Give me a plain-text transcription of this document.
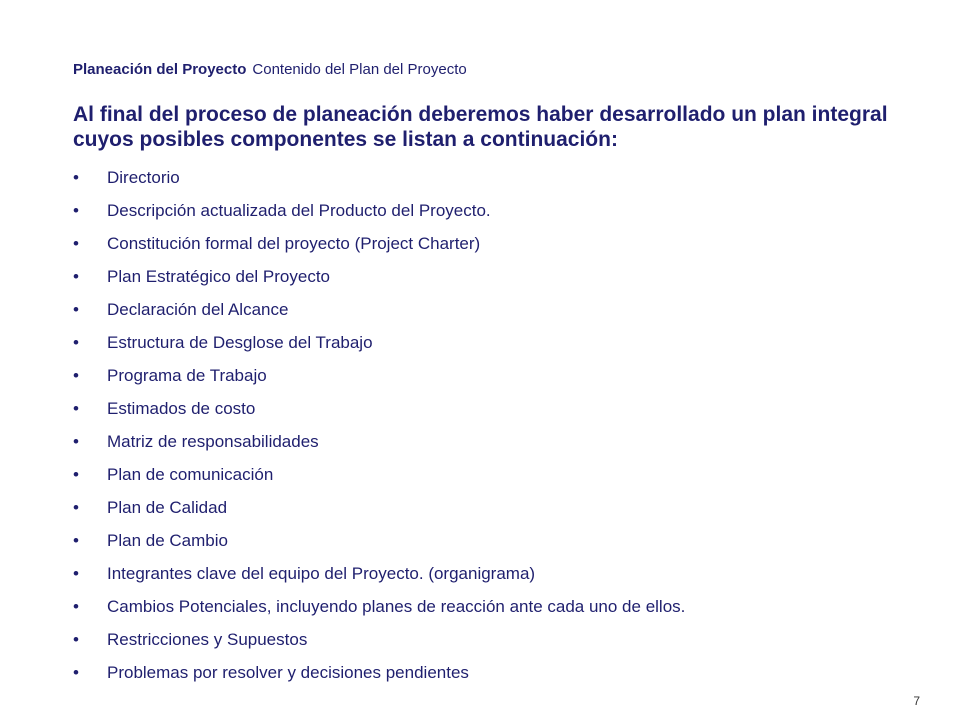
Planeación del Proyecto Contenido del Plan del Proyecto
Al final del proceso de planeación deberemos haber desarrollado un plan integral cuyos posibles componentes se listan a continuación:
•	Directorio
•	Descripción actualizada del Producto del Proyecto.
•	Constitución formal del proyecto (Project Charter)
•	Plan Estratégico del Proyecto
•	Declaración del Alcance
•	Estructura de Desglose del Trabajo
•	Programa de Trabajo
•	Estimados de costo
•	Matriz de responsabilidades
•	Plan de comunicación
•	Plan de Calidad
•	Plan de Cambio
•	Integrantes clave del equipo del Proyecto. (organigrama)
•	Cambios Potenciales, incluyendo planes de reacción ante cada uno de ellos.
•	Restricciones y Supuestos
•	Problemas por resolver y decisiones pendientes
7
